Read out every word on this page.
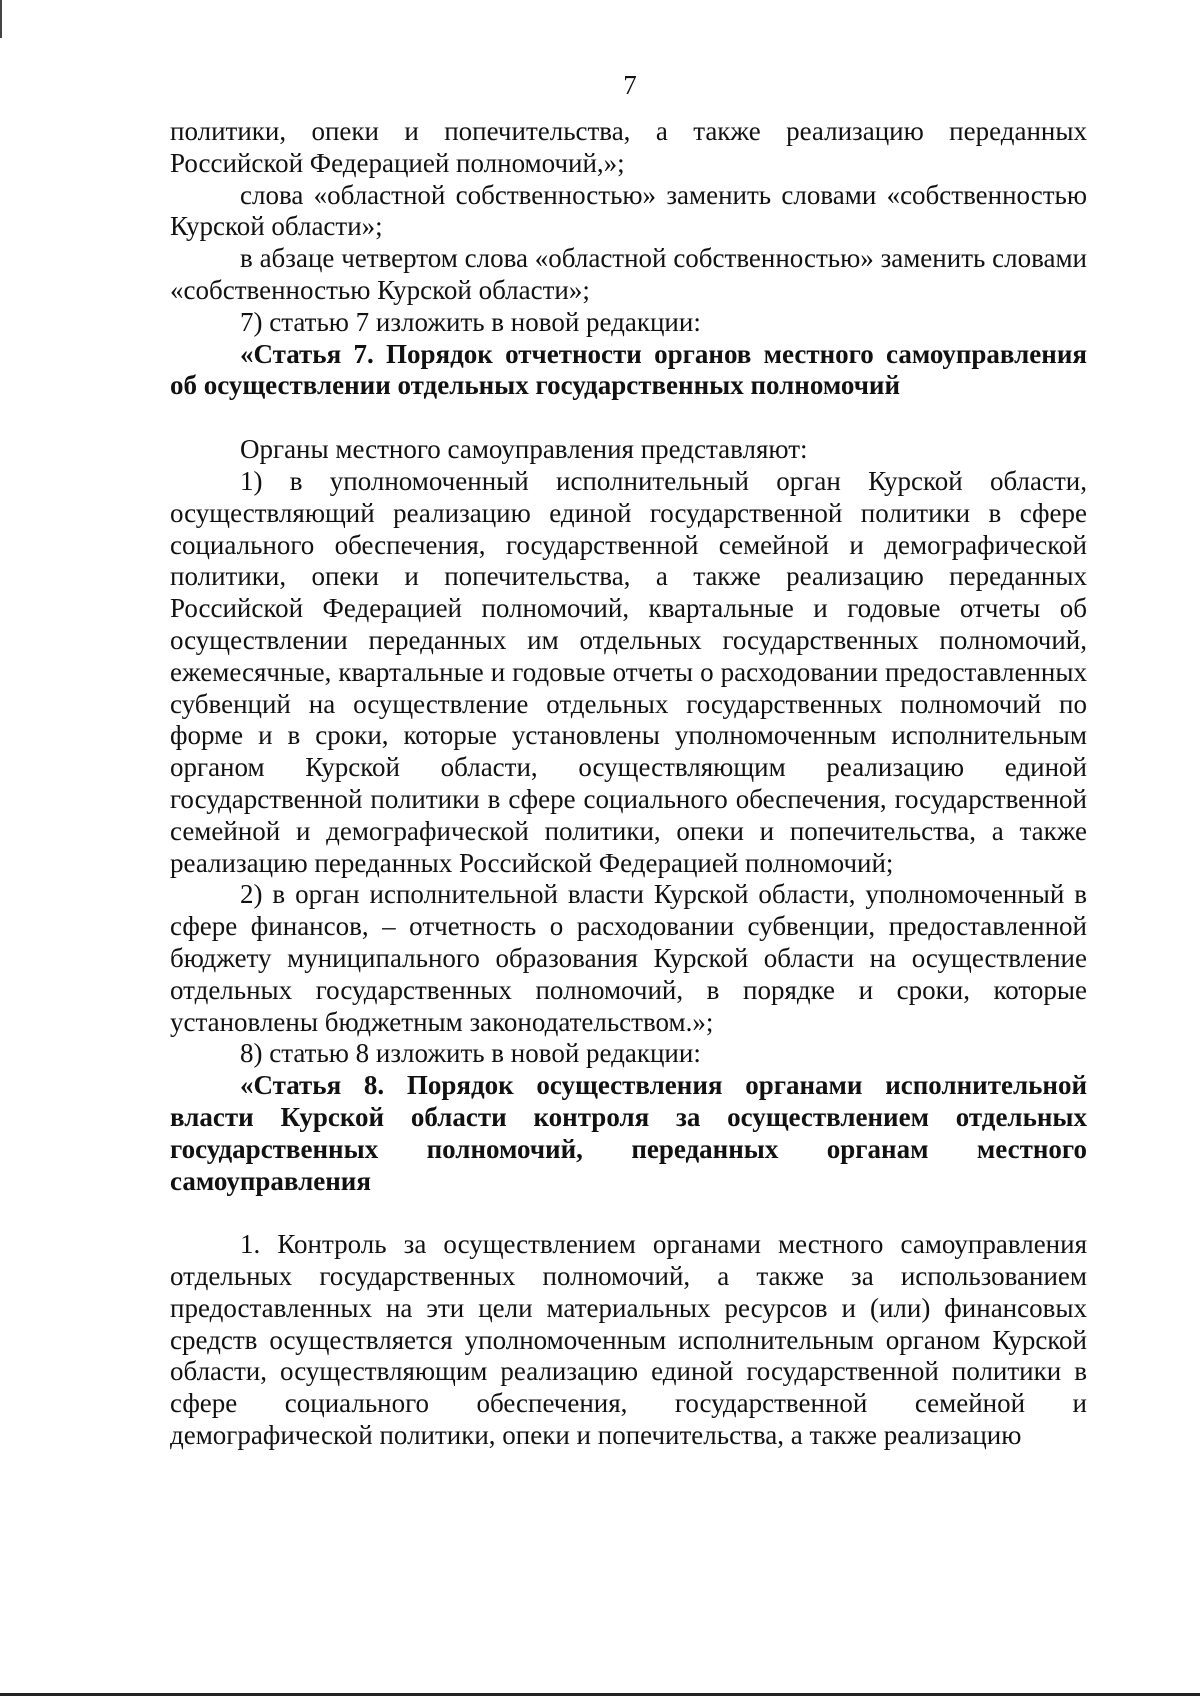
7

политики, опеки и попечительства, а также реализацию переданных Российской Федерацией полномочий,»;

слова «областной собственностью» заменить словами «собственностью Курской области»;

в абзаце четвертом слова «областной собственностью» заменить словами «собственностью Курской области»;

7) статью 7 изложить в новой редакции:

«Статья 7. Порядок отчетности органов местного самоуправления об осуществлении отдельных государственных полномочий

Органы местного самоуправления представляют:

1) в уполномоченный исполнительный орган Курской области, осуществляющий реализацию единой государственной политики в сфере социального обеспечения, государственной семейной и демографической политики, опеки и попечительства, а также реализацию переданных Российской Федерацией полномочий, квартальные и годовые отчеты об осуществлении переданных им отдельных государственных полномочий, ежемесячные, квартальные и годовые отчеты о расходовании предоставленных субвенций на осуществление отдельных государственных полномочий по форме и в сроки, которые установлены уполномоченным исполнительным органом Курской области, осуществляющим реализацию единой государственной политики в сфере социального обеспечения, государственной семейной и демографической политики, опеки и попечительства, а также реализацию переданных Российской Федерацией полномочий;

2) в орган исполнительной власти Курской области, уполномоченный в сфере финансов, – отчетность о расходовании субвенции, предоставленной бюджету муниципального образования Курской области на осуществление отдельных государственных полномочий, в порядке и сроки, которые установлены бюджетным законодательством.»;

8) статью 8 изложить в новой редакции:

«Статья 8. Порядок осуществления органами исполнительной власти Курской области контроля за осуществлением отдельных государственных полномочий, переданных органам местного самоуправления

1. Контроль за осуществлением органами местного самоуправления отдельных государственных полномочий, а также за использованием предоставленных на эти цели материальных ресурсов и (или) финансовых средств осуществляется уполномоченным исполнительным органом Курской области, осуществляющим реализацию единой государственной политики в сфере социального обеспечения, государственной семейной и демографической политики, опеки и попечительства, а также реализацию
